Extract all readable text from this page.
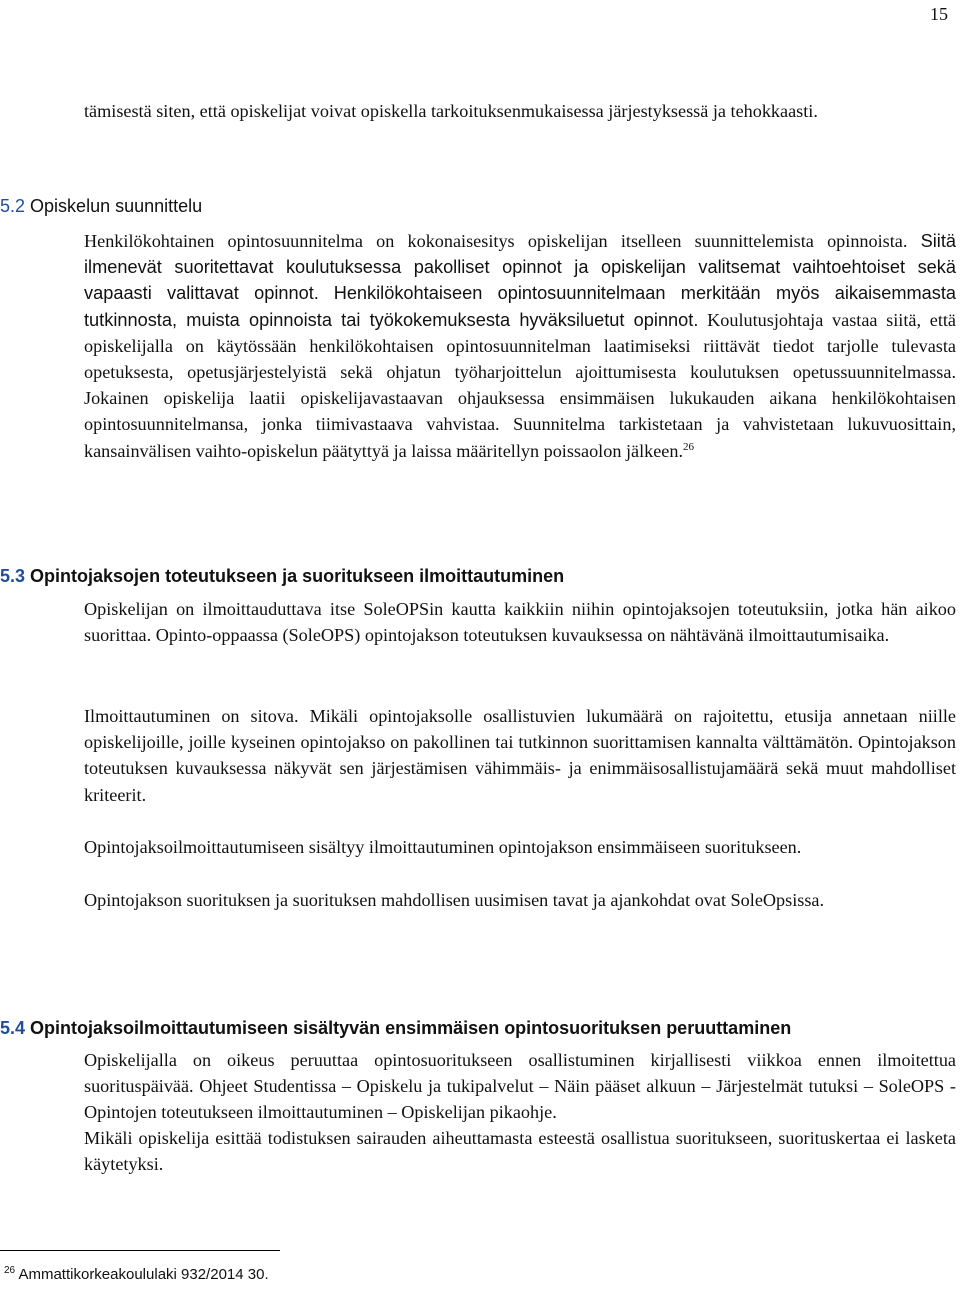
15

tämisestä siten, että opiskelijat voivat opiskella tarkoituksenmukaisessa järjestyksessä ja tehokkaasti.

5.2 Opiskelun suunnittelu

Henkilökohtainen opintosuunnitelma on kokonaisesitys opiskelijan itselleen suunnittelemista opinnoista. Siitä ilmenevät suoritettavat koulutuksessa pakolliset opinnot ja opiskelijan valitsemat vaihtoehtoiset sekä vapaasti valittavat opinnot. Henkilökohtaiseen opintosuunnitelmaan merkitään myös aikaisemmasta tutkinnosta, muista opinnoista tai työkokemuksesta hyväksiluetut opinnot. Koulutusjohtaja vastaa siitä, että opiskelijalla on käytössään henkilökohtaisen opintosuunnitelman laatimiseksi riittävät tiedot tarjolle tulevasta opetuksesta, opetusjärjestelyistä sekä ohjatun työharjoittelun ajoittumisesta koulutuksen opetussuunnitelmassa. Jokainen opiskelija laatii opiskelijavastaavan ohjauksessa ensimmäisen lukukauden aikana henkilökohtaisen opintosuunnitelmansa, jonka tiimivastaava vahvistaa. Suunnitelma tarkistetaan ja vahvistetaan lukuvuosittain, kansainvälisen vaihto-opiskelun päätyttyä ja laissa määritellyn poissaolon jälkeen.$^{26}$

5.3 Opintojaksojen toteutukseen ja suoritukseen ilmoittautuminen

Opiskelijan on ilmoittauduttava itse SoleOPSin kautta kaikkiin niihin opintojaksojen toteutuksiin, jotka hän aikoo suorittaa. Opinto-oppaassa (SoleOPS) opintojakson toteutuksen kuvauksessa on nähtävänä ilmoittautumisaika.

Ilmoittautuminen on sitova. Mikäli opintojaksolle osallistuvien lukumäärä on rajoitettu, etusija annetaan niille opiskelijoille, joille kyseinen opintojakso on pakollinen tai tutkinnon suorittamisen kannalta välttämätön. Opintojakson toteutuksen kuvauksessa näkyvät sen järjestämisen vähimmäis- ja enimmäisosallistujamäärä sekä muut mahdolliset kriteerit.

Opintojaksoilmoittautumiseen sisältyy ilmoittautuminen opintojakson ensimmäiseen suoritukseen.

Opintojakson suorituksen ja suorituksen mahdollisen uusimisen tavat ja ajankohdat ovat SoleOpsissa.

5.4 Opintojaksoilmoittautumiseen sisältyvän ensimmäisen opintosuorituksen peruuttaminen

Opiskelijalla on oikeus peruuttaa opintosuoritukseen osallistuminen kirjallisesti viikkoa ennen ilmoitettua suorituspäivää. Ohjeet Studentissa – Opiskelu ja tukipalvelut – Näin pääset alkuun – Järjestelmät tutuksi – SoleOPS - Opintojen toteutukseen ilmoittautuminen – Opiskelijan pikaohje.

Mikäli opiskelija esittää todistuksen sairauden aiheuttamasta esteestä osallistua suoritukseen, suorituskertaa ei lasketa käytetyksi.

$^{26}$ Ammattikorkeakoululaki 932/2014 30.
